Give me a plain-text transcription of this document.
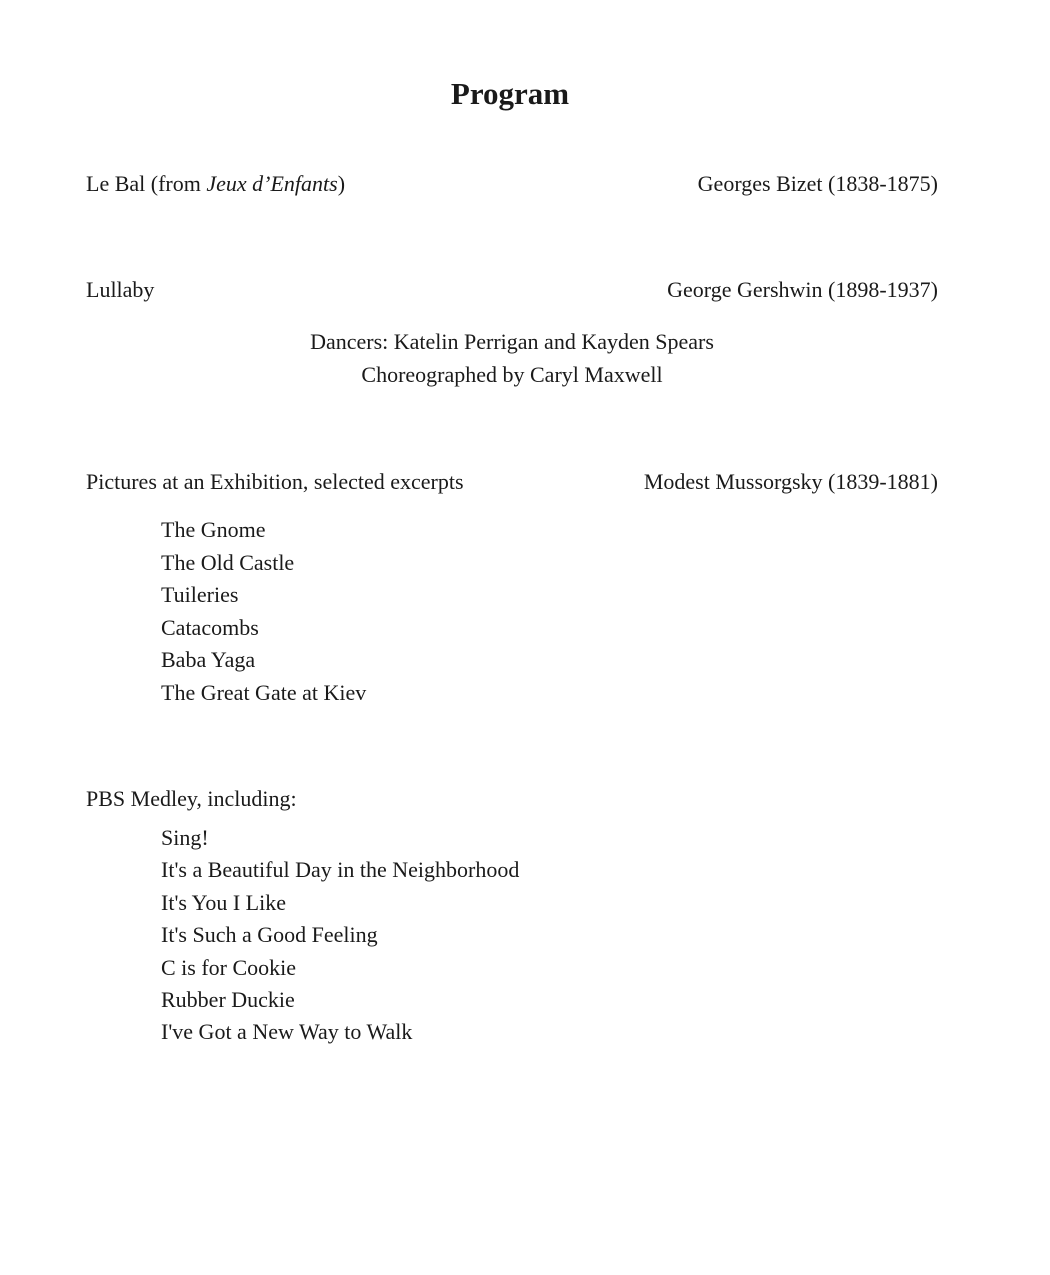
Program
Le Bal (from Jeux d’Enfants)	Georges Bizet (1838-1875)
Lullaby	George Gershwin (1898-1937)
Dancers: Katelin Perrigan and Kayden Spears
Choreographed by Caryl Maxwell
Pictures at an Exhibition, selected excerpts	Modest Mussorgsky (1839-1881)
The Gnome
The Old Castle
Tuileries
Catacombs
Baba Yaga
The Great Gate at Kiev
PBS Medley, including:
Sing!
It's a Beautiful Day in the Neighborhood
It's You I Like
It's Such a Good Feeling
C is for Cookie
Rubber Duckie
I've Got a New Way to Walk
